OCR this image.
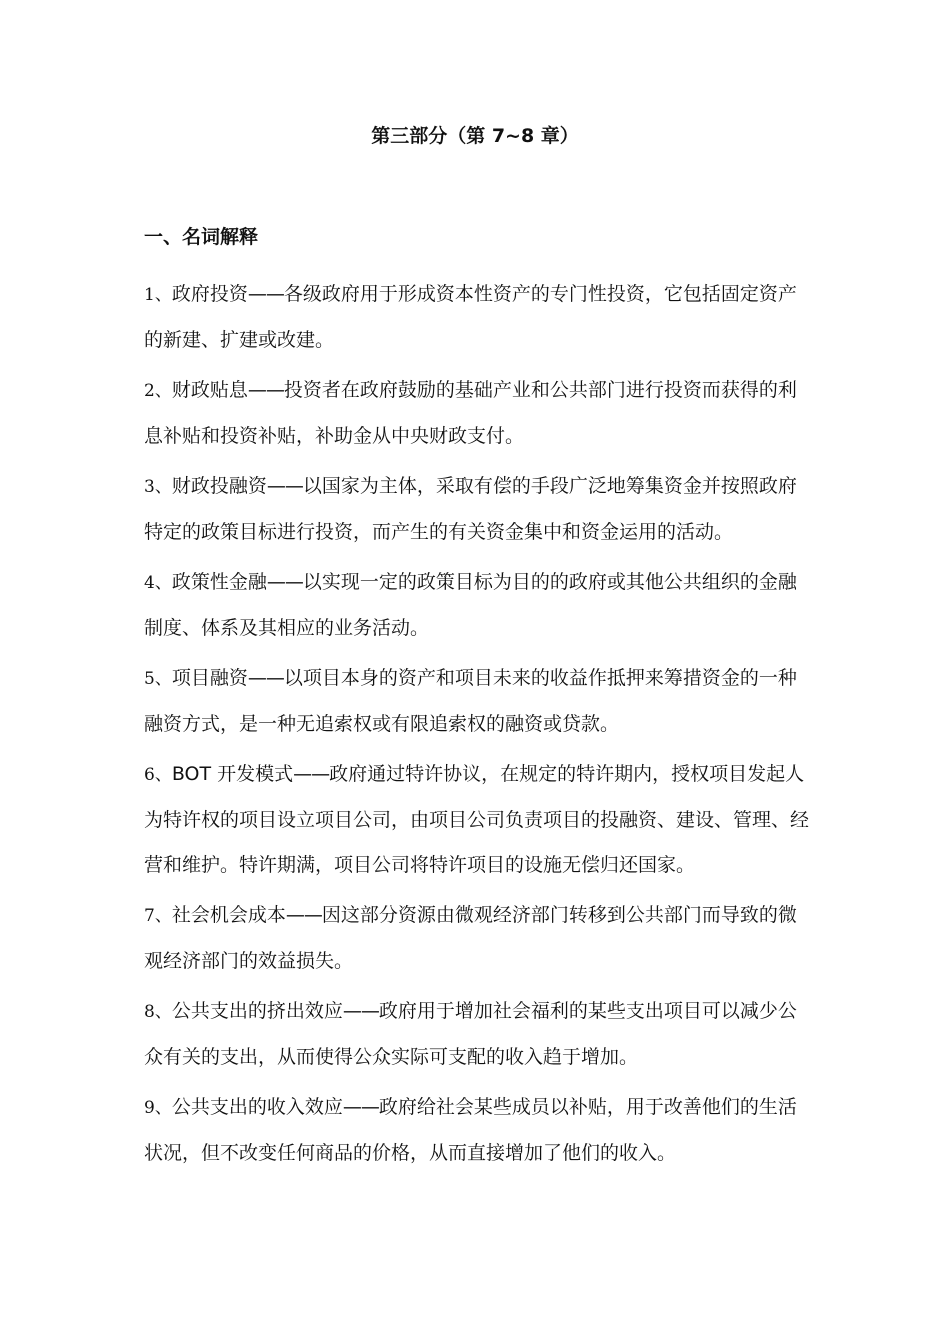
第三部分（第 7~8 章）
一、名词解释
1、政府投资——各级政府用于形成资本性资产的专门性投资，它包括固定资产的新建、扩建或改建。
2、财政贴息——投资者在政府鼓励的基础产业和公共部门进行投资而获得的利息补贴和投资补贴，补助金从中央财政支付。
3、财政投融资——以国家为主体，采取有偿的手段广泛地筹集资金并按照政府特定的政策目标进行投资，而产生的有关资金集中和资金运用的活动。
4、政策性金融——以实现一定的政策目标为目的的政府或其他公共组织的金融制度、体系及其相应的业务活动。
5、项目融资——以项目本身的资产和项目未来的收益作抵押来筹措资金的一种融资方式，是一种无追索权或有限追索权的融资或贷款。
6、BOT 开发模式——政府通过特许协议，在规定的特许期内，授权项目发起人为特许权的项目设立项目公司，由项目公司负责项目的投融资、建设、管理、经营和维护。特许期满，项目公司将特许项目的设施无偿归还国家。
7、社会机会成本——因这部分资源由微观经济部门转移到公共部门而导致的微观经济部门的效益损失。
8、公共支出的挤出效应——政府用于增加社会福利的某些支出项目可以减少公众有关的支出，从而使得公众实际可支配的收入趋于增加。
9、公共支出的收入效应——政府给社会某些成员以补贴，用于改善他们的生活状况，但不改变任何商品的价格，从而直接增加了他们的收入。
